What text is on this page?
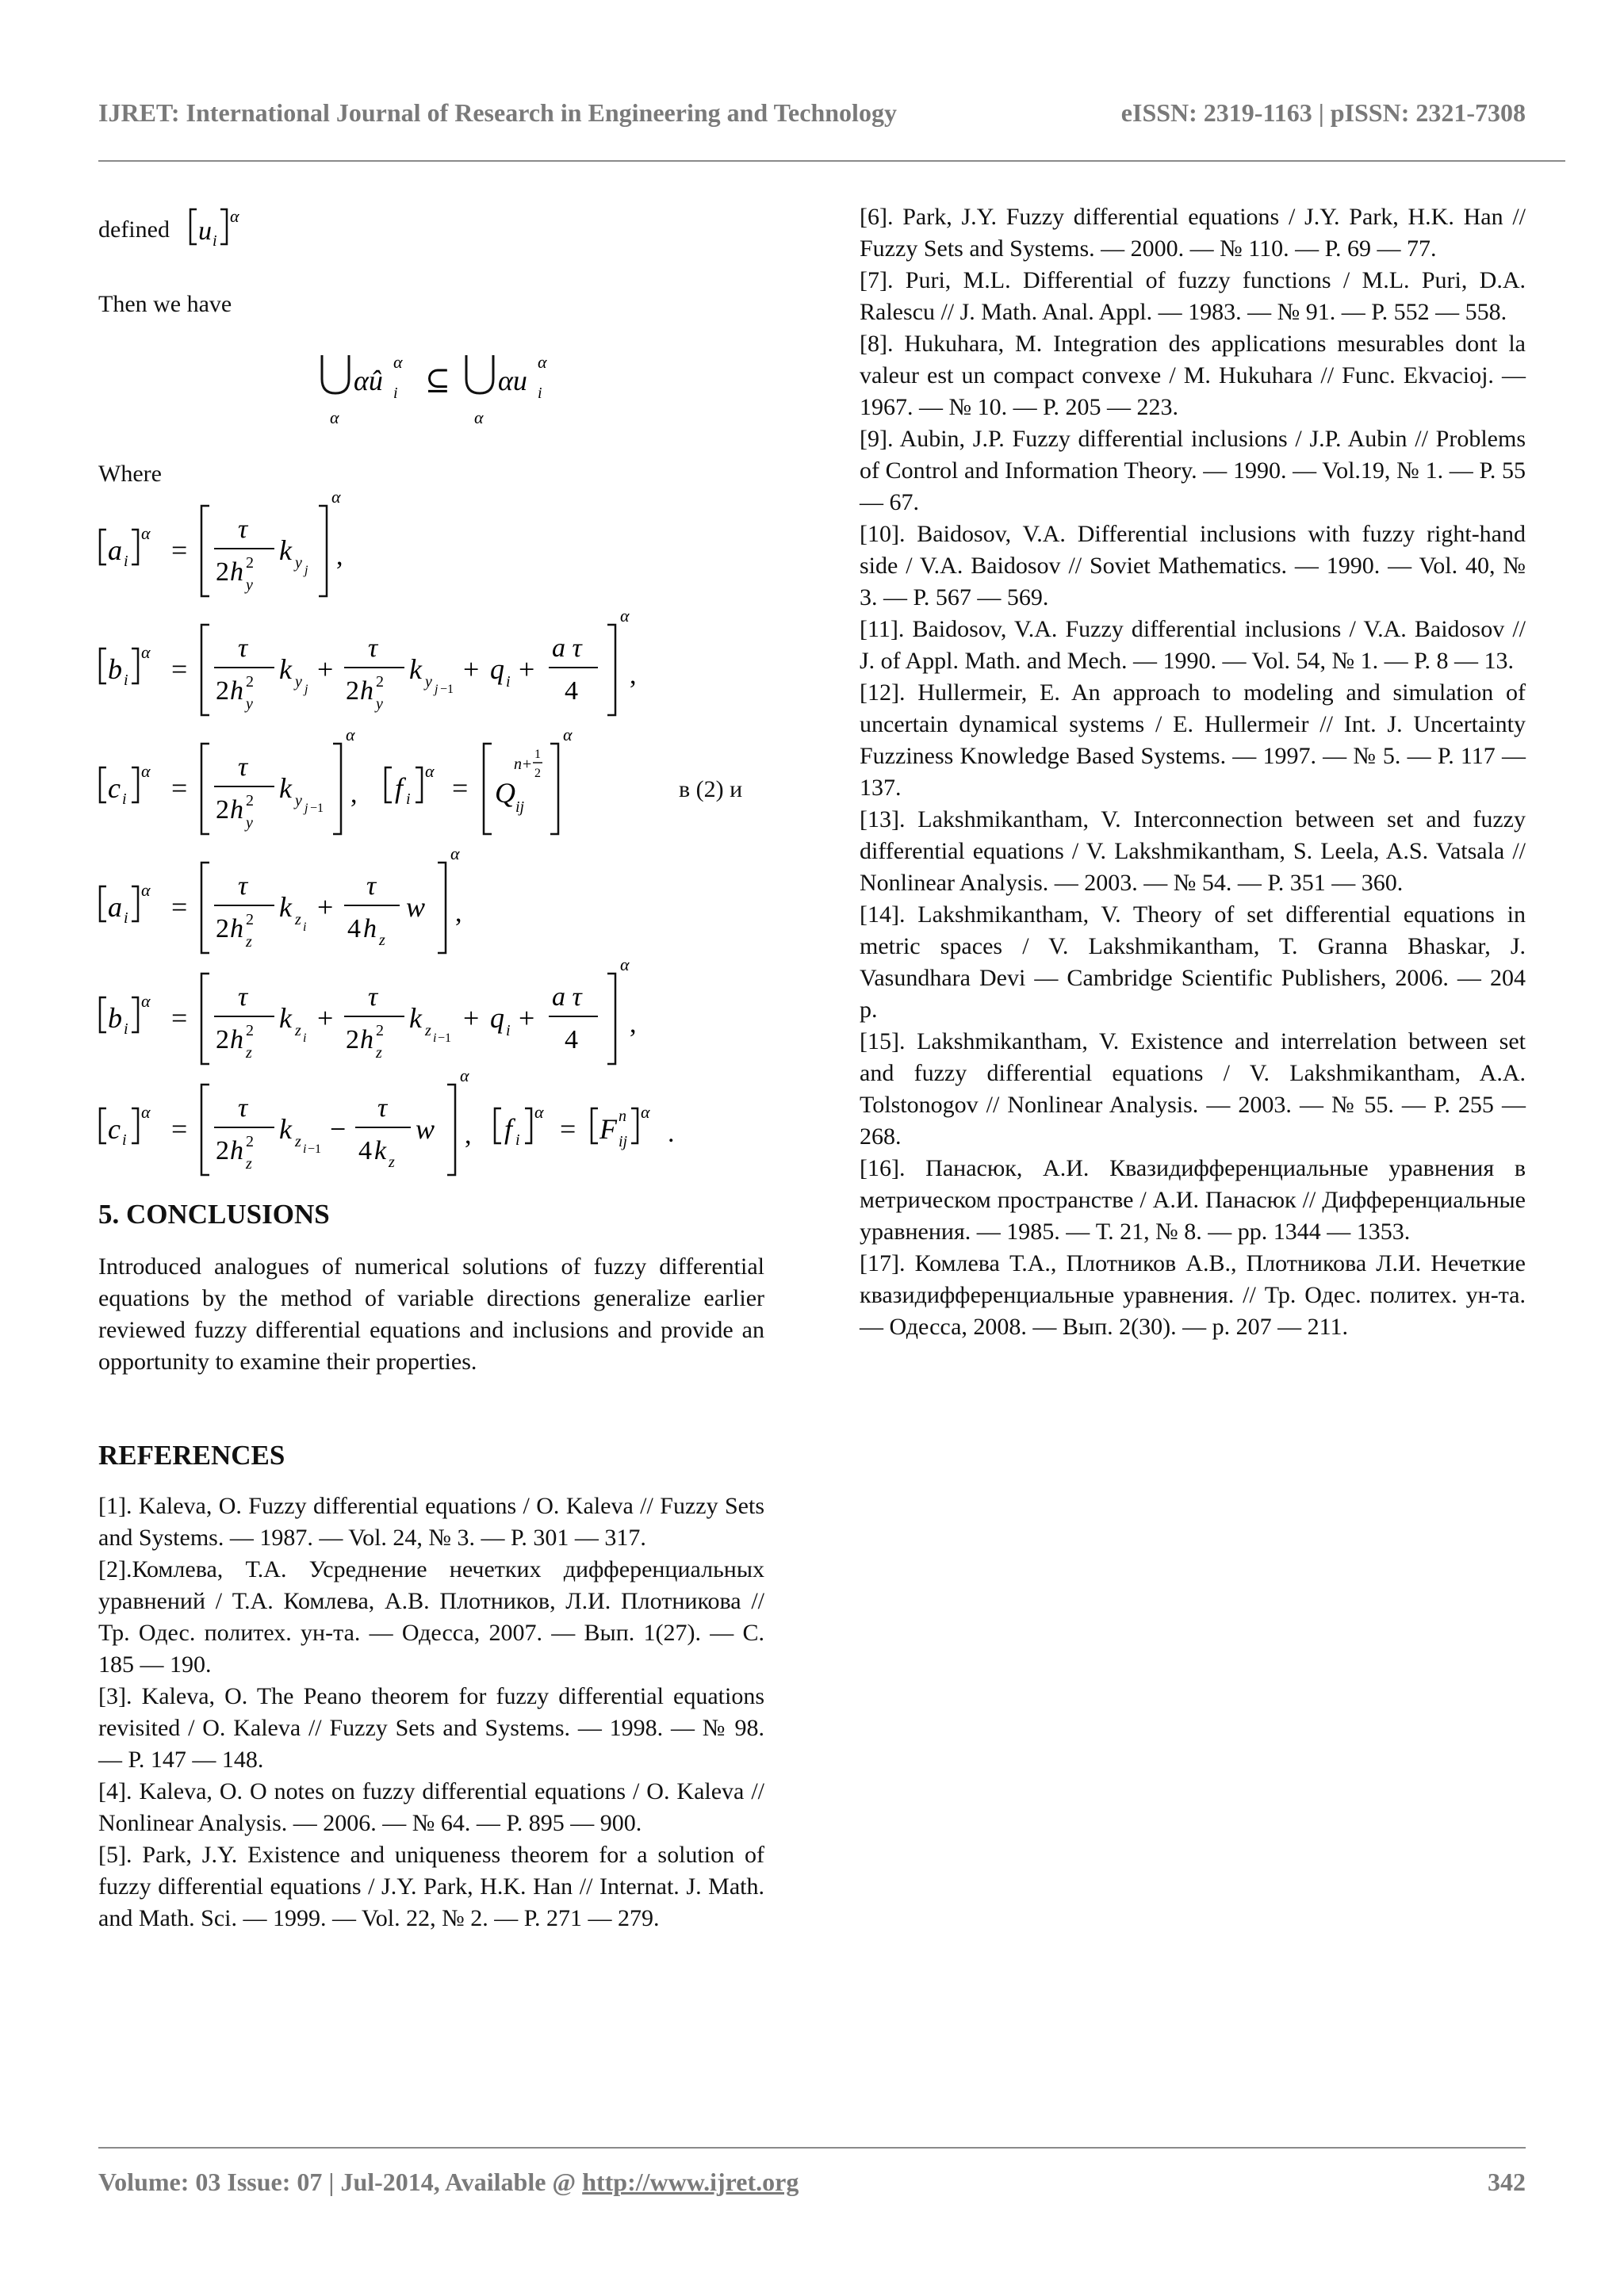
IJRET: International Journal of Research in Engineering and Technology	eISSN: 2319-1163 | pISSN: 2321-7308
defined u i
α
Then we have
α
αû i
α
⊆
α
αu i
α
Where
a i
α
=
τ
2 h 2
y
k y j
α
,
b i
α
=
τ
2 h 2
y
k y j
+
τ
2 h 2
y
k y j −1
+ q i +
a τ
4
α
,
c i
α
=
τ
2 h 2
y
k y j −1
α
, f i
α
= Q ij
n +
1
2
α
в (2) и
a i
α
=
τ
2 h 2
z
k z i
+
τ
4 h z
w
α
,
b i
α
=
τ
2 h 2
z
k z i
+
τ
2 h 2
z
k z i −1
+ q i +
a τ
4
α
,
c i
α
=
τ
2 h 2
z
k z i −1
−
τ
4 k z
w
α
, f i
α
= F ij
n α
.
5. CONCLUSIONS

Introduced analogues of numerical solutions of fuzzy differential equations by the method of variable directions generalize earlier reviewed fuzzy differential equations and inclusions and provide an opportunity to examine their properties.

REFERENCES

[1]. Kaleva, O. Fuzzy differential equations / O. Kaleva // Fuzzy Sets and Systems. — 1987. — Vol. 24, № 3. — P. 301 — 317.

[2].Комлева, Т.А. Усреднение нечетких дифференциальных уравнений / Т.А. Комлева, А.В. Плотников, Л.И. Плотникова // Тр. Одес. политех. ун-та. — Одесса, 2007. — Вып. 1(27). — С. 185 — 190.

[3]. Kaleva, O. The Peano theorem for fuzzy differential equations revisited / O. Kaleva // Fuzzy Sets and Systems. — 1998. — № 98. — P. 147 — 148.

[4]. Kaleva, O. O notes on fuzzy differential equations / O. Kaleva // Nonlinear Analysis. — 2006. — № 64. — P. 895 — 900.

[5]. Park, J.Y. Existence and uniqueness theorem for a solution of fuzzy differential equations / J.Y. Park, H.K. Han // Internat. J. Math. and Math. Sci. — 1999. — Vol. 22, № 2. — P. 271 — 279.

[6]. Park, J.Y. Fuzzy differential equations / J.Y. Park, H.K. Han // Fuzzy Sets and Systems. — 2000. — № 110. — P. 69 — 77.

[7]. Puri, M.L. Differential of fuzzy functions / M.L. Puri, D.A. Ralescu // J. Math. Anal. Appl. — 1983. — № 91. — P. 552 — 558.

[8]. Hukuhara, M. Integration des applications mesurables dont la valeur est un compact convexe / M. Hukuhara // Func. Ekvacioj. — 1967. — № 10. — P. 205 — 223.

[9]. Aubin, J.P. Fuzzy differential inclusions / J.P. Aubin // Problems of Control and Information Theory. — 1990. — Vol.19, № 1. — P. 55 — 67.

[10]. Baidosov, V.A. Differential inclusions with fuzzy right-hand side / V.A. Baidosov // Soviet Mathematics. — 1990. — Vol. 40, № 3. — P. 567 — 569.

[11]. Baidosov, V.A. Fuzzy differential inclusions / V.A. Baidosov // J. of Appl. Math. and Mech. — 1990. — Vol. 54, № 1. — P. 8 — 13.

[12]. Hullermeir, E. An approach to modeling and simulation of uncertain dynamical systems / E. Hullermeir // Int. J. Uncertainty Fuzziness Knowledge Based Systems. — 1997. — № 5. — P. 117 — 137.

[13]. Lakshmikantham, V. Interconnection between set and fuzzy differential equations / V. Lakshmikantham, S. Leela, A.S. Vatsala // Nonlinear Analysis. — 2003. — № 54. — P. 351 — 360.

[14]. Lakshmikantham, V. Theory of set differential equations in metric spaces / V. Lakshmikantham, T. Granna Bhaskar, J. Vasundhara Devi — Cambridge Scientific Publishers, 2006. — 204 p.

[15]. Lakshmikantham, V. Existence and interrelation between set and fuzzy differential equations / V. Lakshmikantham, A.A. Tolstonogov // Nonlinear Analysis. — 2003. — № 55. — P. 255 — 268.

[16]. Панасюк, А.И. Квазидифференциальные уравнения в метрическом пространстве / А.И. Панасюк // Дифференциальные уравнения. — 1985. — Т. 21, № 8. — pp. 1344 — 1353.

[17]. Комлева Т.А., Плотников А.В., Плотникова Л.И. Нечеткие квазидифференциальные уравнения. // Тр. Одес. политех. ун-та. — Одесса, 2008. — Вып. 2(30). — p. 207 — 211.

Volume: 03 Issue: 07 | Jul-2014, Available @ http://www.ijret.org	342
